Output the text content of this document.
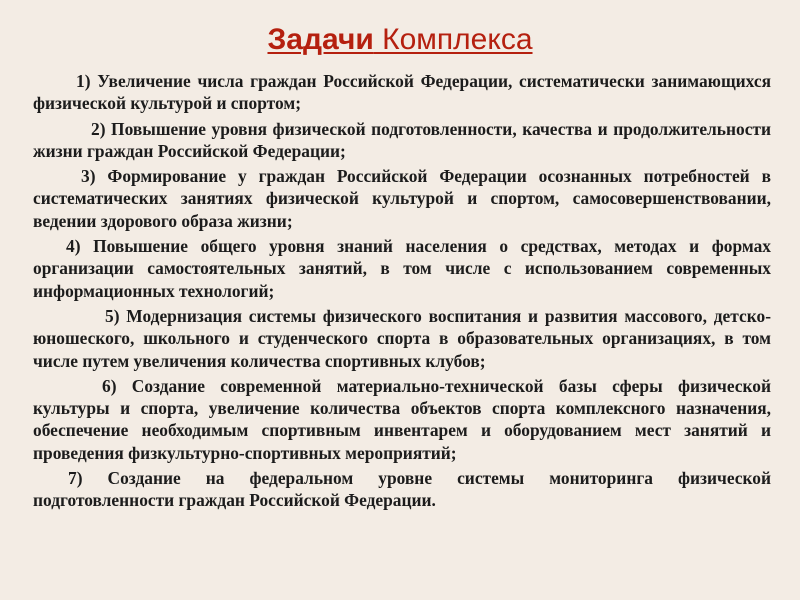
Задачи Комплекса

1) Увеличение числа граждан Российской Федерации, систематически занимающихся физической культурой и спортом;

2) Повышение уровня физической подготовленности, качества и продолжительности жизни граждан Российской Федерации;

3) Формирование у граждан Российской Федерации осознанных потребностей в систематических занятиях физической культурой и спортом, самосовершенствовании, ведении здорового образа жизни;

4) Повышение общего уровня знаний населения о средствах, методах и формах организации самостоятельных занятий, в том числе с использованием современных информационных технологий;

5) Модернизация системы физического воспитания и развития массового, детско-юношеского, школьного и студенческого спорта в образовательных организациях, в том числе путем увеличения количества спортивных клубов;

6) Создание современной материально-технической базы сферы физической культуры и спорта, увеличение количества объектов спорта комплексного назначения, обеспечение необходимым спортивным инвентарем и оборудованием мест занятий и проведения физкультурно-спортивных мероприятий;

7) Создание на федеральном уровне системы мониторинга физической подготовленности граждан Российской Федерации.
